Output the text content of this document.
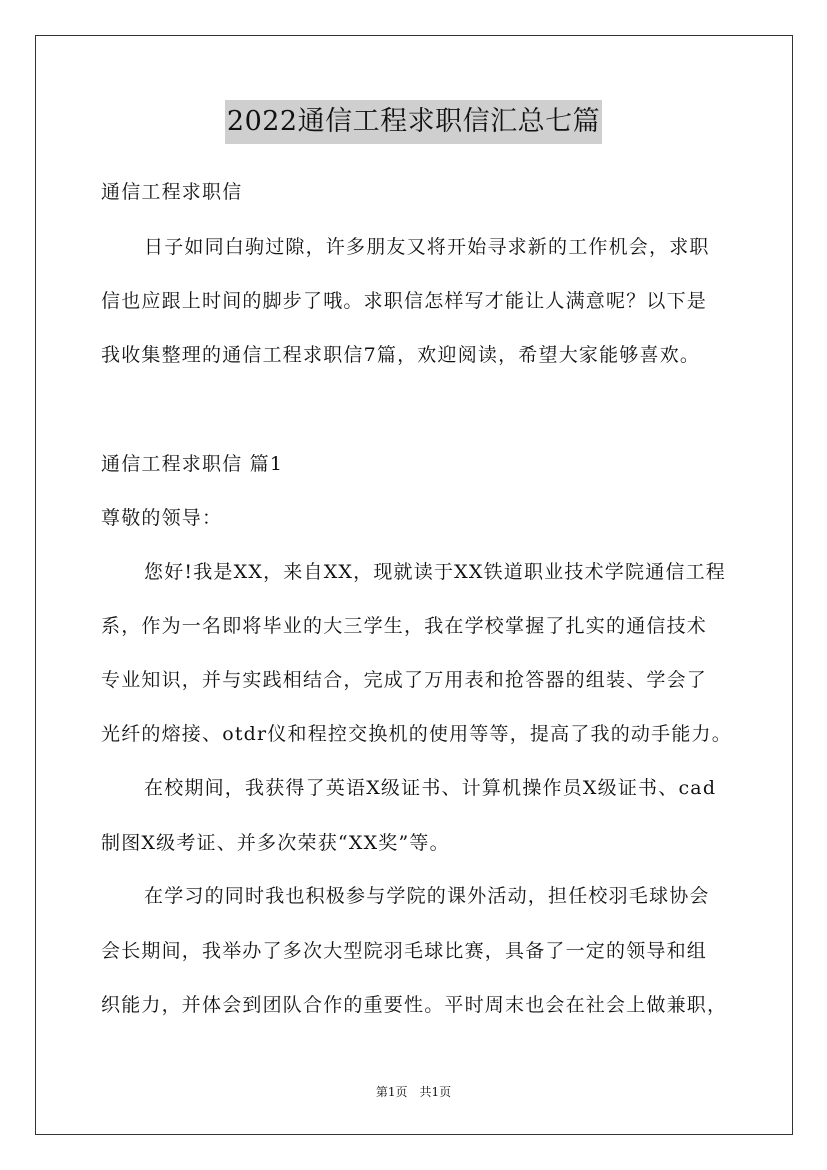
2022通信工程求职信汇总七篇
通信工程求职信
日子如同白驹过隙，许多朋友又将开始寻求新的工作机会，求职
信也应跟上时间的脚步了哦。求职信怎样写才能让人满意呢？以下是
我收集整理的通信工程求职信7篇，欢迎阅读，希望大家能够喜欢。
通信工程求职信 篇1
尊敬的领导：
您好!我是XX，来自XX，现就读于XX铁道职业技术学院通信工程
系，作为一名即将毕业的大三学生，我在学校掌握了扎实的通信技术
专业知识，并与实践相结合，完成了万用表和抢答器的组装、学会了
光纤的熔接、otdr仪和程控交换机的使用等等，提高了我的动手能力。
在校期间，我获得了英语X级证书、计算机操作员X级证书、cad
制图X级考证、并多次荣获“XX奖”等。
在学习的同时我也积极参与学院的课外活动，担任校羽毛球协会
会长期间，我举办了多次大型院羽毛球比赛，具备了一定的领导和组
织能力，并体会到团队合作的重要性。平时周末也会在社会上做兼职，
第1页　共1页
